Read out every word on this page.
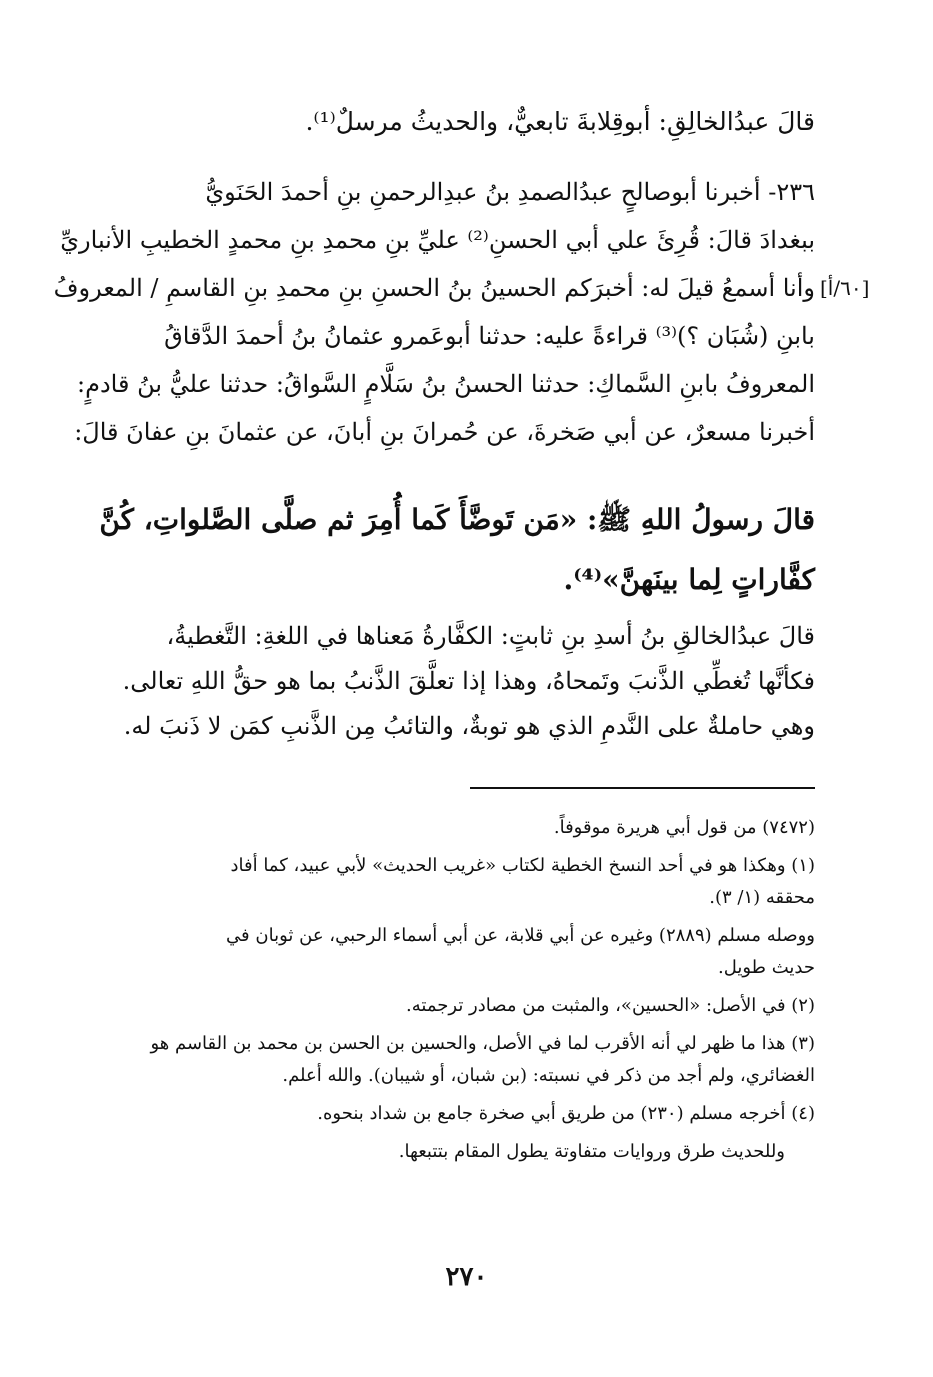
قالَ عبدُالخالِقِ: أبوقِلابةَ تابعيٌّ، والحديثُ مرسلٌ⁽¹⁾.
[٦٠/أ]
٢٣٦- أخبرنا أبوصالحٍ عبدُالصمدِ بنُ عبدِالرحمنِ بنِ أحمدَ الحَنَويُّ
ببغدادَ قالَ: قُرِئَ علي أبي الحسنِ⁽²⁾ عليِّ بنِ محمدِ بنِ محمدٍ الخطيبِ الأنباريِّ
وأنا أسمعُ قيلَ له: أخبرَكم الحسينُ بنُ الحسنِ بنِ محمدِ بنِ القاسمِ / المعروفُ
بابنِ (شُبَان ؟)⁽³⁾ قراءةً عليه: حدثنا أبوعَمرو عثمانُ بنُ أحمدَ الدَّقاقُ
المعروفُ بابنِ السَّماكِ: حدثنا الحسنُ بنُ سَلَّامٍ السَّواقُ: حدثنا عليُّ بنُ قادمٍ:
أخبرنا مسعرٌ، عن أبي صَخرةَ، عن حُمرانَ بنِ أبانَ، عن عثمانَ بنِ عفانَ قالَ:
قالَ رسولُ اللهِ ﷺ: «مَن تَوضَّأَ كَما أُمِرَ ثم صلَّى الصَّلواتِ، كُنَّ
كفَّاراتٍ لِما بينَهنَّ»⁽⁴⁾.
قالَ عبدُالخالقِ بنُ أسدِ بنِ ثابتٍ: الكفَّارةُ مَعناها في اللغةِ: التَّغطيةُ،
فكأنَّها تُغطِّي الذَّنبَ وتَمحاهُ، وهذا إذا تعلَّقَ الذَّنبُ بما هو حقُّ اللهِ تعالى.
وهي حاملةٌ على النَّدمِ الذي هو توبةٌ، والتائبُ مِن الذَّنبِ كمَن لا ذَنبَ له.
(٧٤٧٢) من قول أبي هريرة موقوفاً.
(١) وهكذا هو في أحد النسخ الخطية لكتاب «غريب الحديث» لأبي عبيد، كما أفاد
محققه (١/ ٣).
ووصله مسلم (٢٨٨٩) وغيره عن أبي قلابة، عن أبي أسماء الرحبي، عن ثوبان في
حديث طويل.
(٢) في الأصل: «الحسين»، والمثبت من مصادر ترجمته.
(٣) هذا ما ظهر لي أنه الأقرب لما في الأصل، والحسين بن الحسن بن محمد بن القاسم هو
الغضائري، ولم أجد من ذكر في نسبته: (بن شبان، أو شيبان). والله أعلم.
(٤) أخرجه مسلم (٢٣٠) من طريق أبي صخرة جامع بن شداد بنحوه.
وللحديث طرق وروايات متفاوتة يطول المقام بتتبعها.
٢٧٠
